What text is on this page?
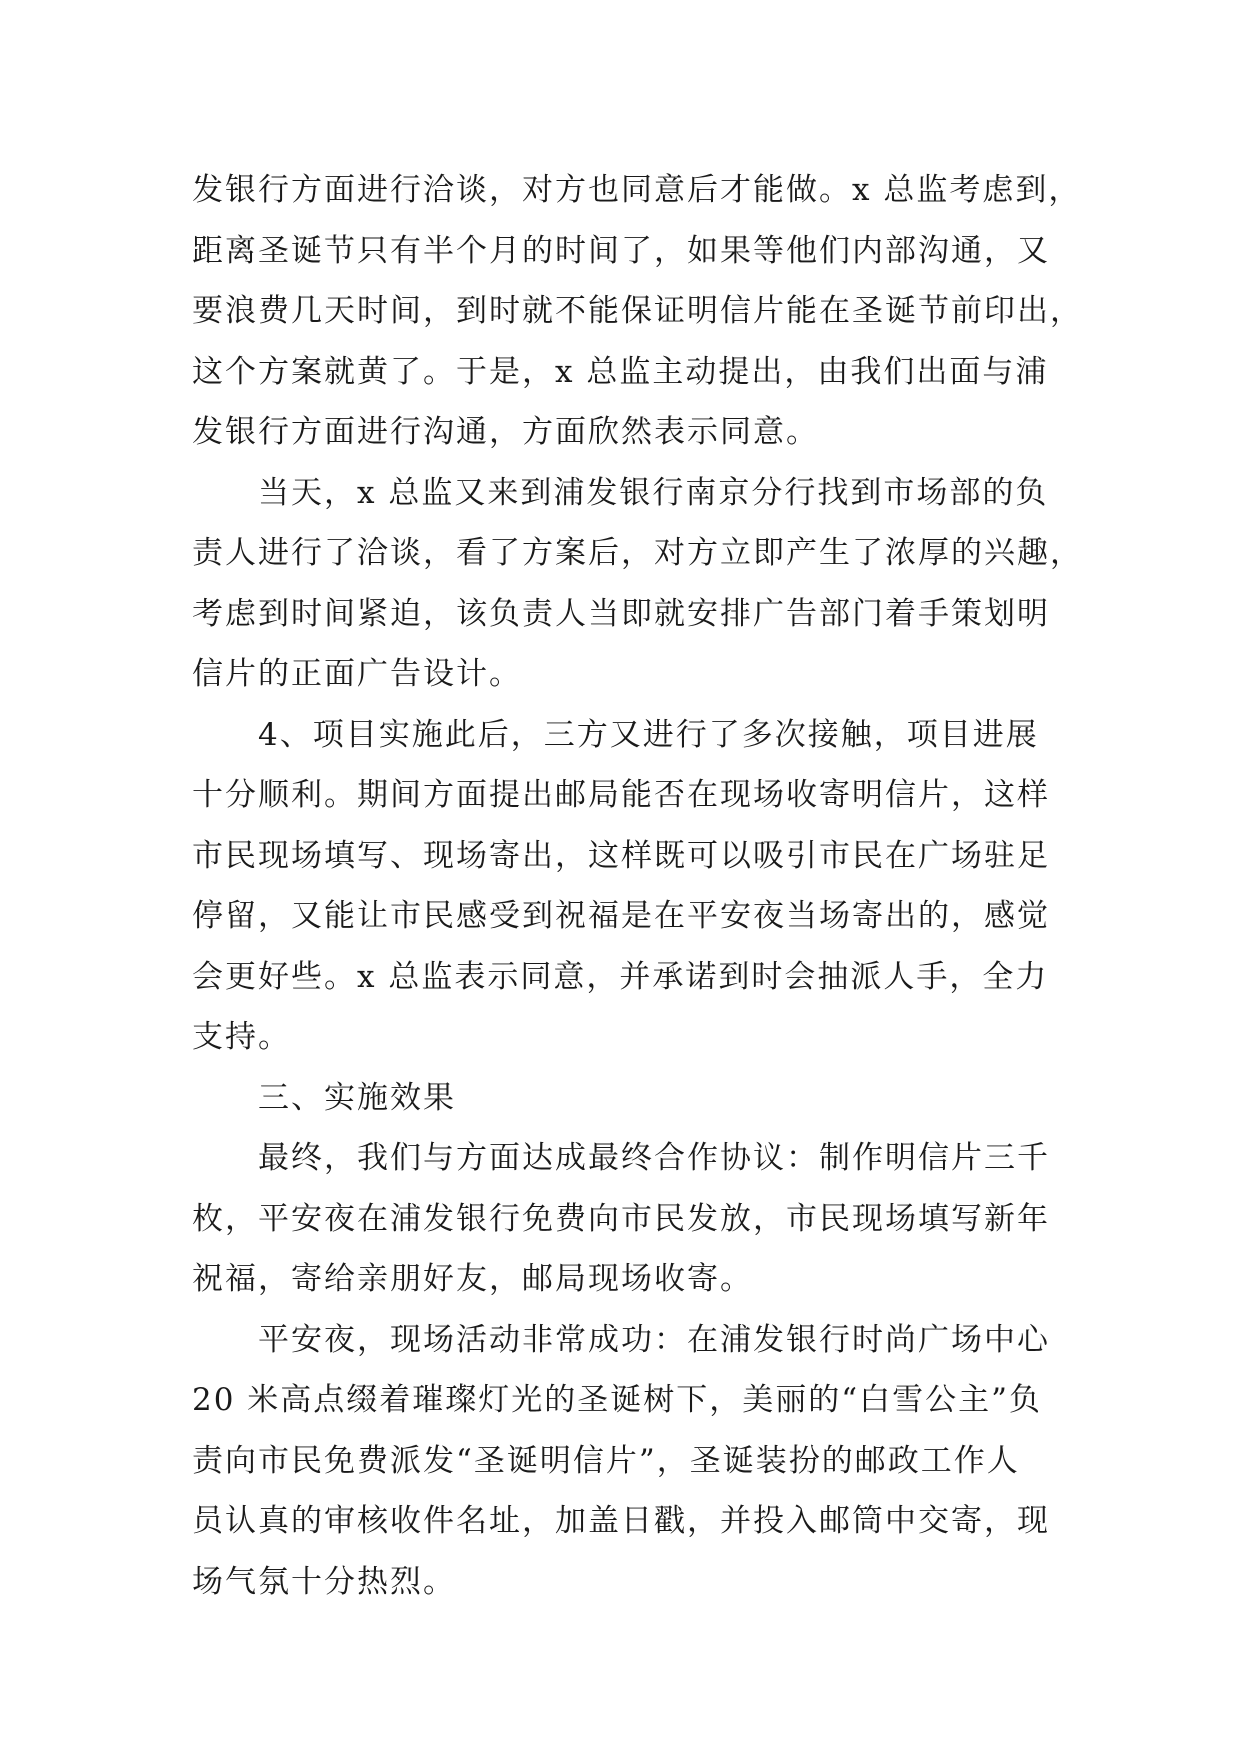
发银行方面进行洽谈，对方也同意后才能做。x 总监考虑到，
距离圣诞节只有半个月的时间了，如果等他们内部沟通，又
要浪费几天时间，到时就不能保证明信片能在圣诞节前印出，
这个方案就黄了。于是，x 总监主动提出，由我们出面与浦
发银行方面进行沟通，方面欣然表示同意。
当天，x 总监又来到浦发银行南京分行找到市场部的负
责人进行了洽谈，看了方案后，对方立即产生了浓厚的兴趣，
考虑到时间紧迫，该负责人当即就安排广告部门着手策划明
信片的正面广告设计。
4、项目实施此后，三方又进行了多次接触，项目进展
十分顺利。期间方面提出邮局能否在现场收寄明信片，这样
市民现场填写、现场寄出，这样既可以吸引市民在广场驻足
停留，又能让市民感受到祝福是在平安夜当场寄出的，感觉
会更好些。x 总监表示同意，并承诺到时会抽派人手，全力
支持。
三、实施效果
最终，我们与方面达成最终合作协议：制作明信片三千
枚，平安夜在浦发银行免费向市民发放，市民现场填写新年
祝福，寄给亲朋好友，邮局现场收寄。
平安夜，现场活动非常成功：在浦发银行时尚广场中心
20 米高点缀着璀璨灯光的圣诞树下，美丽的“白雪公主”负
责向市民免费派发“圣诞明信片”，圣诞装扮的邮政工作人
员认真的审核收件名址，加盖日戳，并投入邮筒中交寄，现
场气氛十分热烈。
